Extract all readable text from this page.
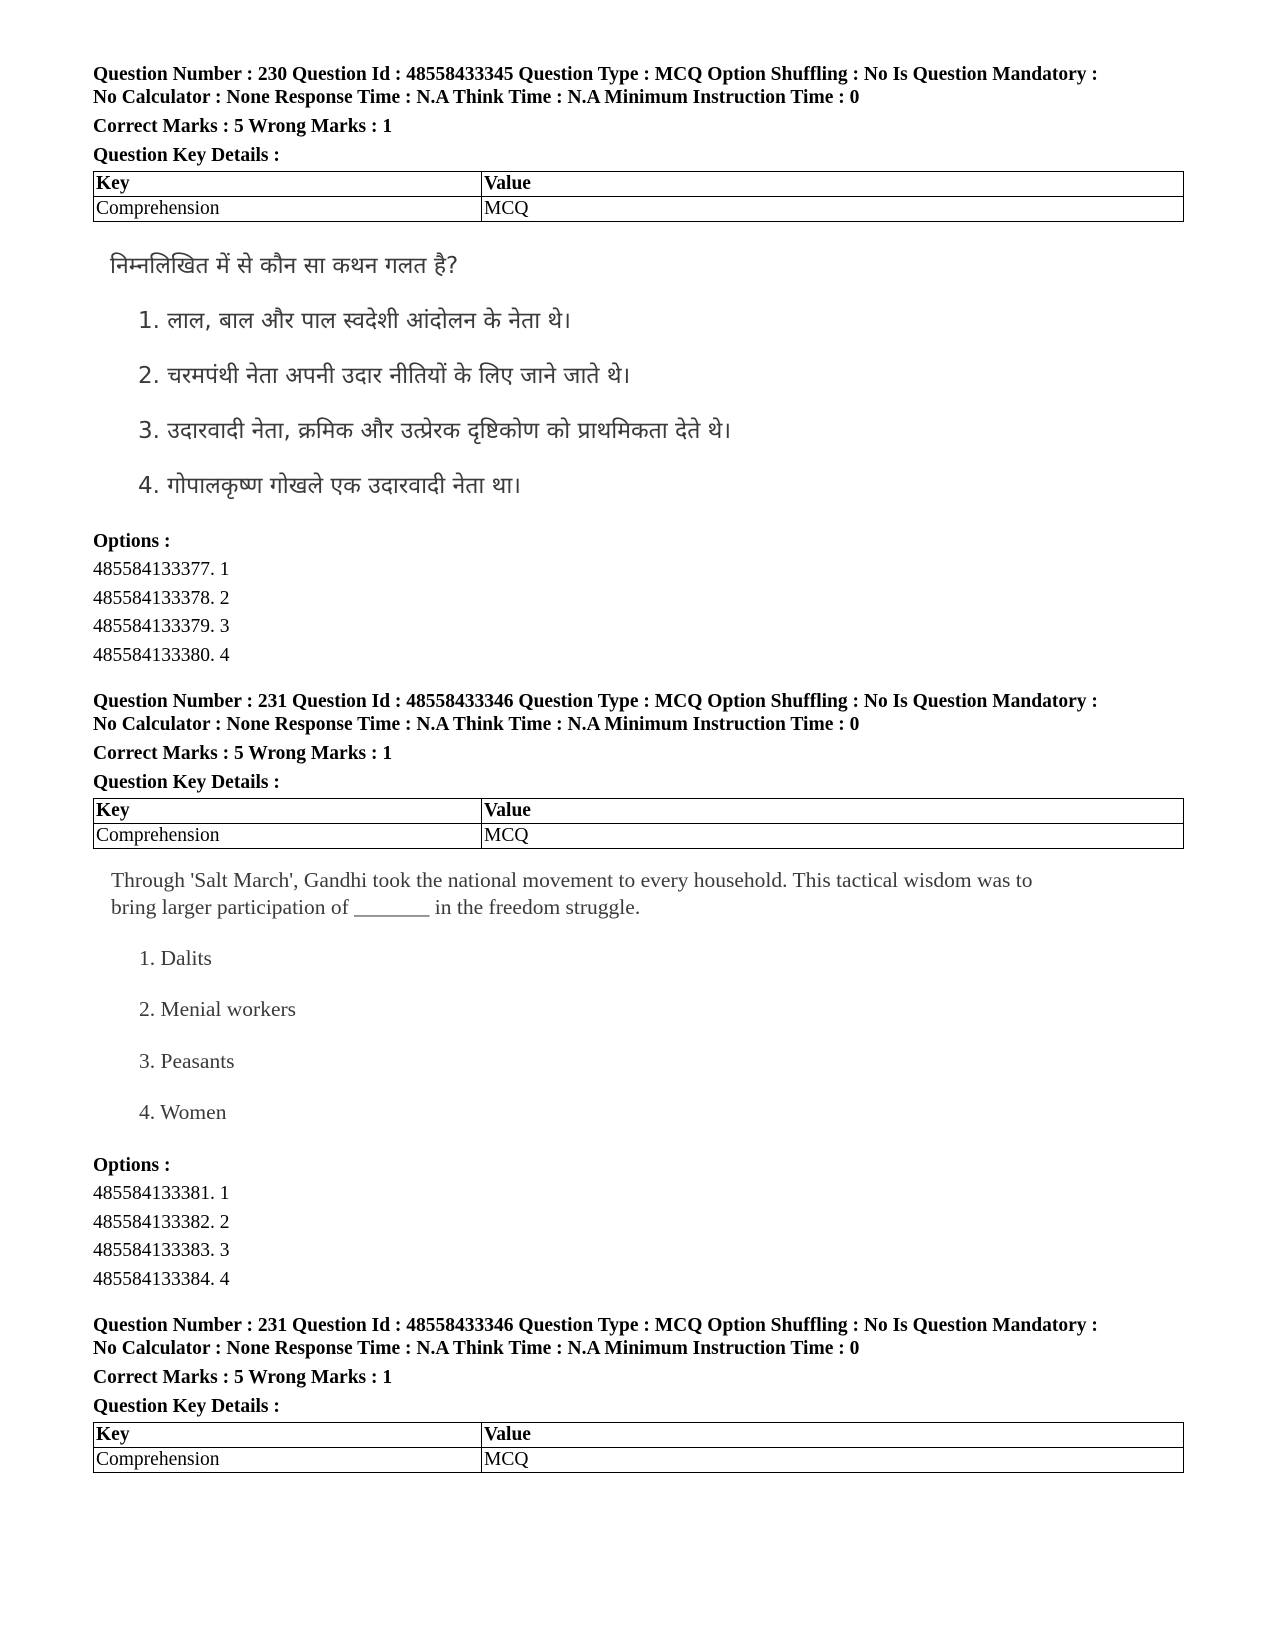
Question Number : 230 Question Id : 48558433345 Question Type : MCQ Option Shuffling : No Is Question Mandatory :
No Calculator : None Response Time : N.A Think Time : N.A Minimum Instruction Time : 0
Correct Marks : 5 Wrong Marks : 1
Question Key Details :
Key	Value
Comprehension	MCQ
निम्नलिखित में से कौन सा कथन गलत है?
1. लाल, बाल और पाल स्वदेशी आंदोलन के नेता थे।
2. चरमपंथी नेता अपनी उदार नीतियों के लिए जाने जाते थे।
3. उदारवादी नेता, क्रमिक और उत्प्रेरक दृष्टिकोण को प्राथमिकता देते थे।
4. गोपालकृष्ण गोखले एक उदारवादी नेता था।
Options :
485584133377. 1
485584133378. 2
485584133379. 3
485584133380. 4
Question Number : 231 Question Id : 48558433346 Question Type : MCQ Option Shuffling : No Is Question Mandatory :
No Calculator : None Response Time : N.A Think Time : N.A Minimum Instruction Time : 0
Correct Marks : 5 Wrong Marks : 1
Question Key Details :
Key	Value
Comprehension	MCQ
Through 'Salt March', Gandhi took the national movement to every household. This tactical wisdom was to
bring larger participation of _______ in the freedom struggle.
1. Dalits
2. Menial workers
3. Peasants
4. Women
Options :
485584133381. 1
485584133382. 2
485584133383. 3
485584133384. 4
Question Number : 231 Question Id : 48558433346 Question Type : MCQ Option Shuffling : No Is Question Mandatory :
No Calculator : None Response Time : N.A Think Time : N.A Minimum Instruction Time : 0
Correct Marks : 5 Wrong Marks : 1
Question Key Details :
Key	Value
Comprehension	MCQ
